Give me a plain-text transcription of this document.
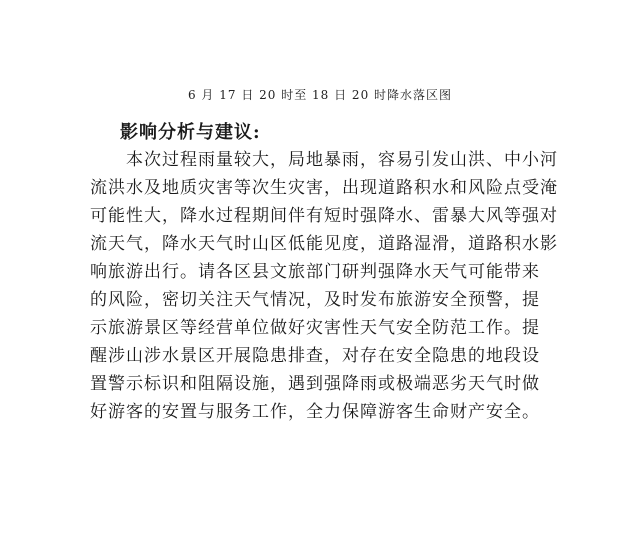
6 月 17 日 20 时至 18 日 20 时降水落区图
影响分析与建议:
本次过程雨量较大，局地暴雨，容易引发山洪、中小河
流洪水及地质灾害等次生灾害，出现道路积水和风险点受淹
可能性大，降水过程期间伴有短时强降水、雷暴大风等强对
流天气，降水天气时山区低能见度，道路湿滑，道路积水影
响旅游出行。请各区县文旅部门研判强降水天气可能带来
的风险，密切关注天气情况，及时发布旅游安全预警，提
示旅游景区等经营单位做好灾害性天气安全防范工作。提
醒涉山涉水景区开展隐患排查，对存在安全隐患的地段设
置警示标识和阻隔设施，遇到强降雨或极端恶劣天气时做
好游客的安置与服务工作，全力保障游客生命财产安全。
